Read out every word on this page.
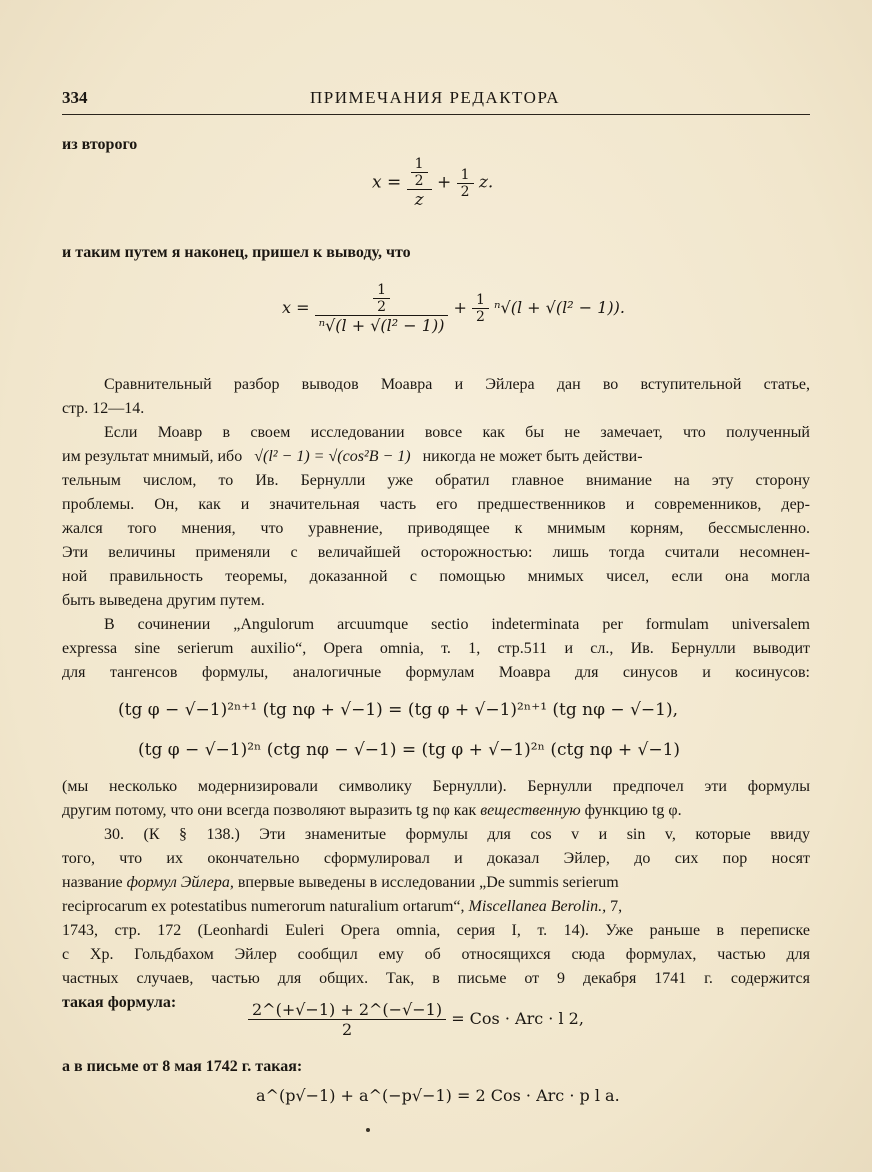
334	ПРИМЕЧАНИЯ РЕДАКТОРА
из второго
$x = \frac{\frac{1}{2}}{z} + \frac{1}{2} z$.
и таким путем я наконец, пришел к выводу, что
$x = \frac{\frac{1}{2}}{\text{ⁿ√(l + √(l² − 1))}} + \frac{1}{2} ^n√(l + √(l^2 - 1))$.
Сравнительный разбор выводов Моавра и Эйлера дан во вступительной статье,
стр. 12—14.
Если Моавр в своем исследовании вовсе как бы не замечает, что полученный
им результат мнимый, ибо √(l² − 1) = √(cos²B − 1) никогда не может быть действи-
тельным числом, то Ив. Бернулли уже обратил главное внимание на эту сторону
проблемы. Он, как и значительная часть его предшественников и современников, дер-
жался того мнения, что уравнение, приводящее к мнимым корням, бессмысленно.
Эти величины применяли с величайшей осторожностью: лишь тогда считали несомнен-
ной правильность теоремы, доказанной с помощью мнимых чисел, если она могла
быть выведена другим путем.
В сочинении „Angulorum arcuumque sectio indeterminata per formulam universalem
expressa sine serierum auxilio“, Opera omnia, т. 1, стр.511 и сл., Ив. Бернулли выводит
для тангенсов формулы, аналогичные формулам Моавра для синусов и косинусов:
(tg φ − √−1)²ⁿ⁺¹ (tg nφ + √−1) = (tg φ + √−1)²ⁿ⁺¹ (tg nφ − √−1),
(tg φ − √−1)²ⁿ (ctg nφ − √−1) = (tg φ + √−1)²ⁿ (ctg nφ + √−1)
(мы несколько модернизировали символику Бернулли). Бернулли предпочел эти формулы
другим потому, что они всегда позволяют выразить tg nφ как вещественную функцию tg φ.
30. (К § 138.) Эти знаменитые формулы для cos v и sin v, которые ввиду
того, что их окончательно сформулировал и доказал Эйлер, до сих пор носят
название формул Эйлера, впервые выведены в исследовании „De summis serierum
reciprocarum ex potestatibus numerorum naturalium ortarum“, Miscellanea Berolin., 7,
1743, стр. 172 (Leonhardi Euleri Opera omnia, серия I, т. 14). Уже раньше в переписке
с Хр. Гольдбахом Эйлер сообщил ему об относящихся сюда формулах, частью для
частных случаев, частью для общих. Так, в письме от 9 декабря 1741 г. содержится
такая формула:	$\frac{2\^{}(+√-1) + 2\^{}(-√-1)}{2}$ = Cos · Arc · l 2,
а в письме от 8 мая 1742 г. такая:
a^(p√−1) + a^(−p√−1) = 2 Cos · Arc · p l a.
